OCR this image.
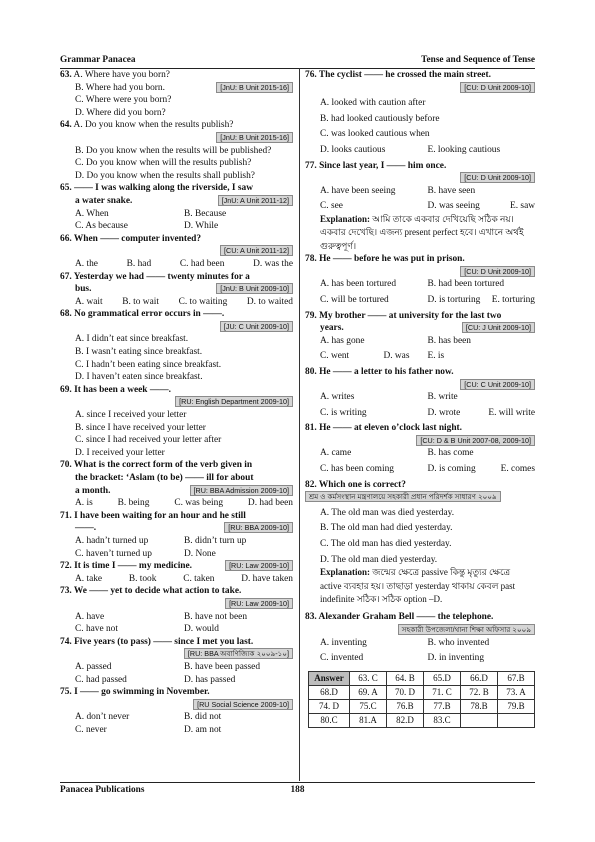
Grammar Panacea	Tense and Sequence of Tense
63. A. Where have you born?
B. Where had you born.	[JnU: B Unit 2015-16]
C. Where were you born?
D. Where did you born?
64. A. Do you know when the results publish?
[JnU: B Unit 2015-16]
B. Do you know when the results will be published?
C. Do you know when will the results publish?
D. Do you know when the results shall publish?
65. —— I was walking along the riverside, I saw
a water snake.	[JnU: A Unit 2011-12]
A. When	B. Because
C. As because	D. While
66. When —— computer invented?
[CU: A Unit 2011-12]
A. the	B. had	C. had been	D. was the
67. Yesterday we had —— twenty minutes for a
bus.	[JnU: B Unit 2009-10]
A. wait B. to wait C. to waiting D. to waited
68. No grammatical error occurs in ——.
[JU: C Unit 2009-10]
A. I didn’t eat since breakfast.
B. I wasn’t eating since breakfast.
C. I hadn’t been eating since breakfast.
D. I haven’t eaten since breakfast.
69. It has been a week ——.
[RU: English Department 2009-10]
A. since I received your letter
B. since I have received your letter
C. since I had received your letter after
D. I received your letter
70. What is the correct form of the verb given in
the bracket: ‘Aslam (to be) —— ill for about
a month.	[RU: BBA Admission 2009-10]
A. is	B. being	C. was being	D. had been
71. I have been waiting for an hour and he still
——.	[RU: BBA 2009-10]
A. hadn’t turned up	B. didn’t turn up
C. haven’t turned up	D. None
72. It is time I —— my medicine.	[RU: Law 2009-10]
A. take	B. took	C. taken	D. have taken
73. We —— yet to decide what action to take.
[RU: Law 2009-10]
A. have	B. have not been
C. have not	D. would
74. Five years (to pass) —— since I met you last.
[RU: BBA অবাণিজ্যিক ২০০৯-১০]
A. passed	B. have been passed
C. had passed	D. has passed
75. I —— go swimming in November.
[RU Social Science 2009-10]
A. don’t never	B. did not
C. never	D. am not
76. The cyclist —— he crossed the main street.
[CU: D Unit 2009-10]
A. looked with caution after
B. had looked cautiously before
C. was looked cautious when
D. looks cautious	E. looking cautious
77. Since last year, I —— him once.
[CU: D Unit 2009-10]
A. have been seeing	B. have seen
C. see	D. was seeing	E. saw
Explanation: আমি তাকে একবার দেখিয়েছি সঠিক নয়।
একবার দেখেছি। এজন্য present perfect হবে। এখানে অর্থই
গুরুত্বপূর্ণ।
78. He —— before he was put in prison.
[CU: D Unit 2009-10]
A. has been tortured	B. had been tortured
C. will be tortured	D. is torturing E. torturing
79. My brother —— at university for the last two
years.	[CU: J Unit 2009-10]
A. has gone	B. has been
C. went	D. was E. is
80. He —— a letter to his father now.
[CU: C Unit 2009-10]
A. writes	B. write
C. is writing	D. wrote	E. will write
81. He —— at eleven o’clock last night.
[CU: D & B Unit 2007-08, 2009-10]
A. came	B. has come
C. has been coming	D. is coming	E. comes
82. Which one is correct?
শ্রম ও কর্মসংস্থান মন্ত্রণালয়ে সহকারী প্রধান পরিদর্শক সাধারণ ২০০৯
A. The old man was died yesterday.
B. The old man had died yesterday.
C. The old man has died yesterday.
D. The old man died yesterday.
Explanation: জন্মের ক্ষেত্রে passive কিন্তু মৃত্যুর ক্ষেত্রে
active ব্যবহার হয়। তাছাড়া yesterday থাকায় কেবল past
indefinite সঠিক। সঠিক option –D.
83. Alexander Graham Bell —— the telephone.
সহকারী উপজেলা/থানা শিক্ষা অফিসার ২০০৯
A. inventing	B. who invented
C. invented	D. in inventing
Answer	63. C	64. B	65.D	66.D	67.B
68.D	69. A	70. D	71. C	72. B	73. A
74. D	75.C	76.B	77.B	78.B	79.B
80.C	81.A	82.D	83.C		
Panacea Publications	188
